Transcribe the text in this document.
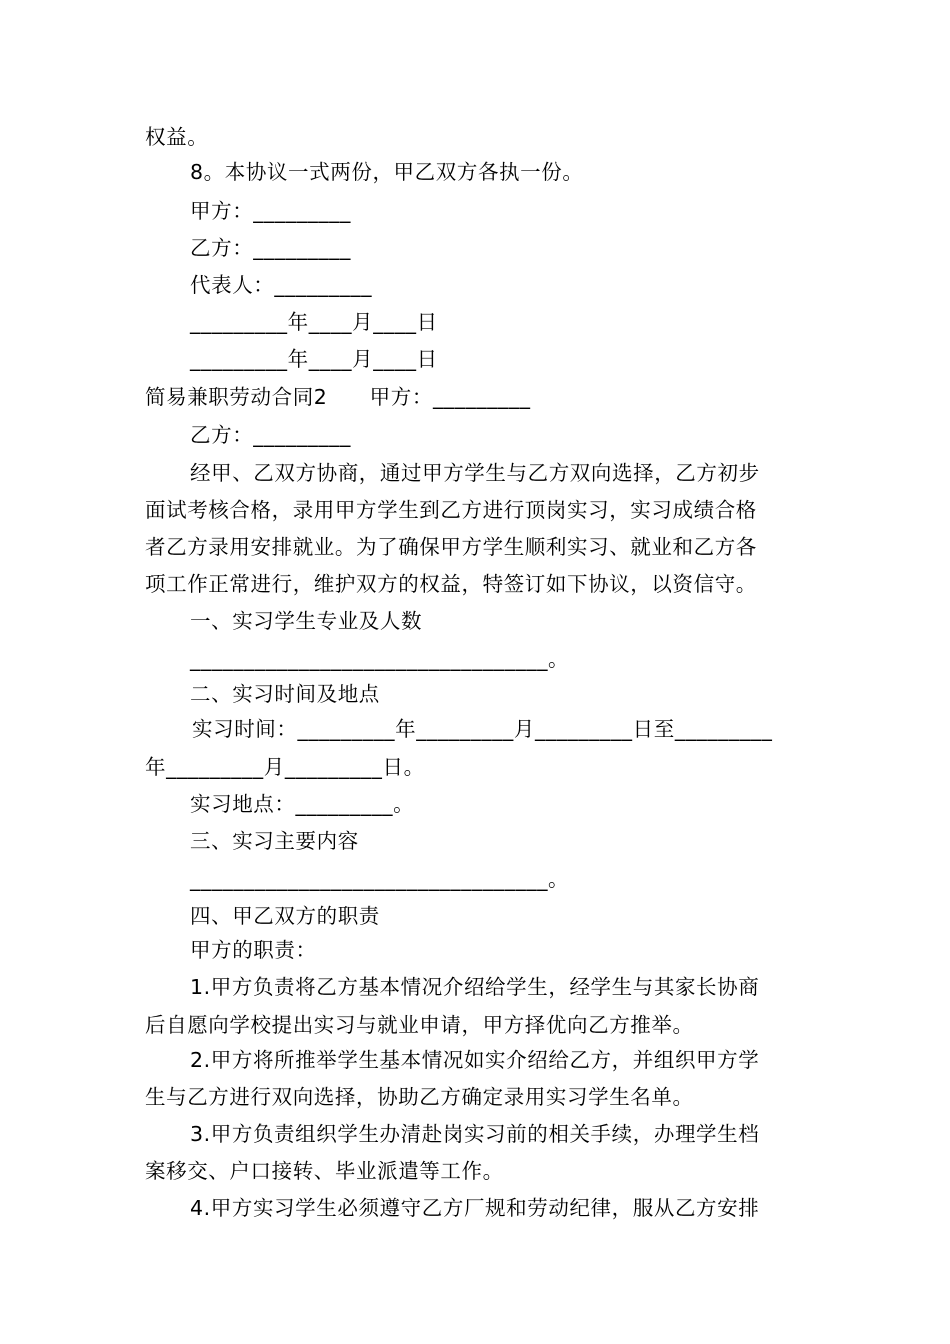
权益。
8。本协议一式两份，甲乙双方各执一份。
甲方：_________
乙方：_________
代表人：_________
_________年____月____日
_________年____月____日
简易兼职劳动合同2　　甲方：_________
乙方：_________
经甲、乙双方协商，通过甲方学生与乙方双向选择，乙方初步
面试考核合格，录用甲方学生到乙方进行顶岗实习，实习成绩合格
者乙方录用安排就业。为了确保甲方学生顺利实习、就业和乙方各
项工作正常进行，维护双方的权益，特签订如下协议，以资信守。
一、实习学生专业及人数
_________________________________。
二、实习时间及地点
实习时间：_________年_________月_________日至_________
年_________月_________日。
实习地点：_________。
三、实习主要内容
_________________________________。
四、甲乙双方的职责
甲方的职责：
1.甲方负责将乙方基本情况介绍给学生，经学生与其家长协商
后自愿向学校提出实习与就业申请，甲方择优向乙方推举。
2.甲方将所推举学生基本情况如实介绍给乙方，并组织甲方学
生与乙方进行双向选择，协助乙方确定录用实习学生名单。
3.甲方负责组织学生办清赴岗实习前的相关手续，办理学生档
案移交、户口接转、毕业派遣等工作。
4.甲方实习学生必须遵守乙方厂规和劳动纪律，服从乙方安排
